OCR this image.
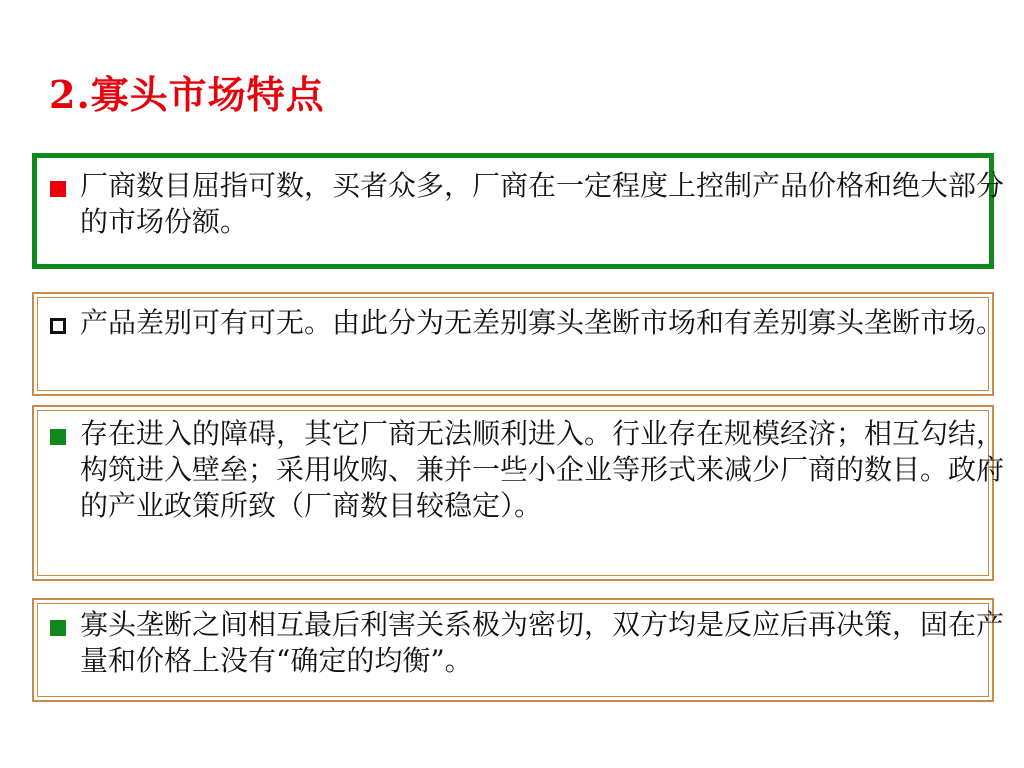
2.寡头市场特点
厂商数目屈指可数，买者众多，厂商在一定程度上控制产品价格和绝大部分的市场份额。
产品差别可有可无。由此分为无差别寡头垄断市场和有差别寡头垄断市场。
存在进入的障碍，其它厂商无法顺利进入。行业存在规模经济；相互勾结，构筑进入壁垒；采用收购、兼并一些小企业等形式来减少厂商的数目。政府的产业政策所致（厂商数目较稳定）。
寡头垄断之间相互最后利害关系极为密切，双方均是反应后再决策，固在产量和价格上没有“确定的均衡”。
